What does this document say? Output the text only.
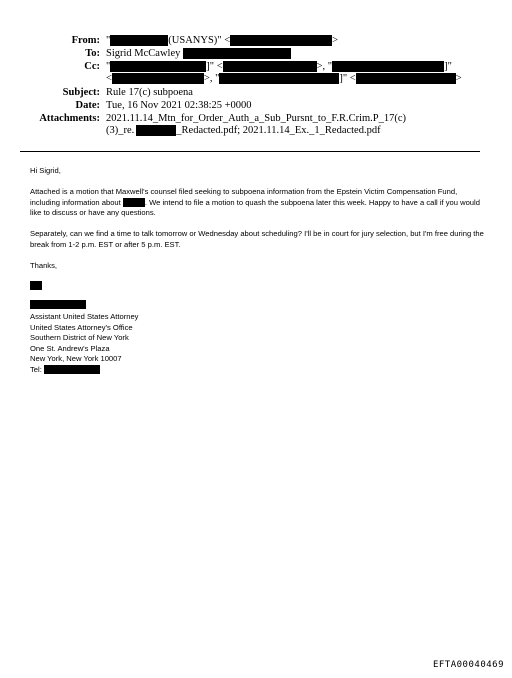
From: "	(USANYS)" <	>
To: Sigrid McCawley
Cc: "	]" <	>, "	]"
<	>, "	]" <	>
Subject: Rule 17(c) subpoena
Date: Tue, 16 Nov 2021 02:38:25 +0000
Attachments: 2021.11.14_Mtn_for_Order_Auth_a_Sub_Pursnt_to_F.R.Crim.P_17(c)
(3)_re.	_Redacted.pdf; 2021.11.14_Ex._1_Redacted.pdf

Hi Sigrid,

Attached is a motion that Maxwell's counsel filed seeking to subpoena information from the Epstein Victim Compensation Fund, including information about	. We intend to file a motion to quash the subpoena later this week. Happy to have a call if you would like to discuss or have any questions.

Separately, can we find a time to talk tomorrow or Wednesday about scheduling? I'll be in court for jury selection, but I'm free during the break from 1-2 p.m. EST or after 5 p.m. EST.

Thanks,

Assistant United States Attorney
United States Attorney's Office
Southern District of New York
One St. Andrew's Plaza
New York, New York 10007
Tel:
EFTA00040469
